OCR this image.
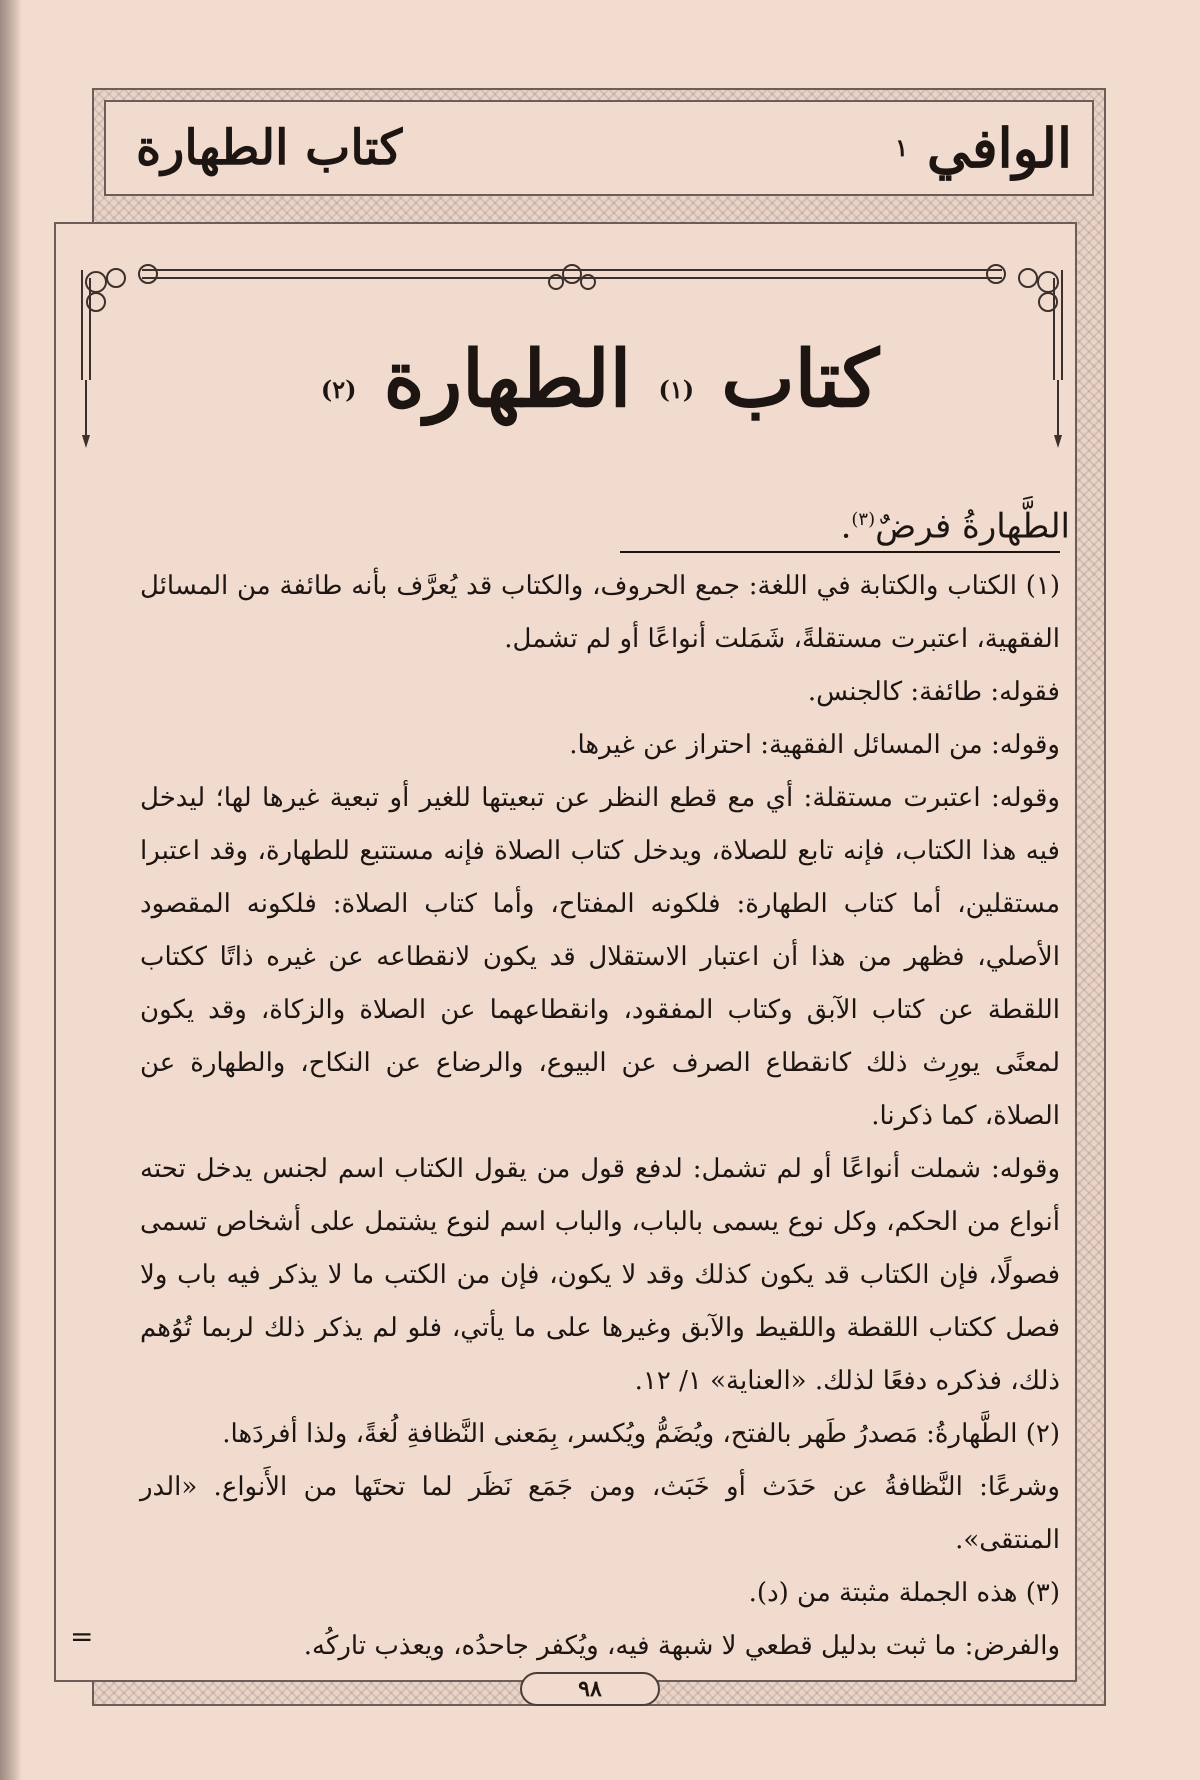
الوافي $^١$
كتاب الطهارة
كتاب $^{(١)}$ الطهارة $^{(٢)}$
الطَّهارةُ فرضٌ$^{(٣)}$.

(١) الكتاب والكتابة في اللغة: جمع الحروف، والكتاب قد يُعرَّف بأنه طائفة من المسائل الفقهية، اعتبرت مستقلةً، شَمَلت أنواعًا أو لم تشمل.

فقوله: طائفة: كالجنس.

وقوله: من المسائل الفقهية: احتراز عن غيرها.

وقوله: اعتبرت مستقلة: أي مع قطع النظر عن تبعيتها للغير أو تبعية غيرها لها؛ ليدخل فيه هذا الكتاب، فإنه تابع للصلاة، ويدخل كتاب الصلاة فإنه مستتبع للطهارة، وقد اعتبرا مستقلين، أما كتاب الطهارة: فلكونه المفتاح، وأما كتاب الصلاة: فلكونه المقصود الأصلي، فظهر من هذا أن اعتبار الاستقلال قد يكون لانقطاعه عن غيره ذاتًا ككتاب اللقطة عن كتاب الآبق وكتاب المفقود، وانقطاعهما عن الصلاة والزكاة، وقد يكون لمعنًى يورِث ذلك كانقطاع الصرف عن البيوع، والرضاع عن النكاح، والطهارة عن الصلاة، كما ذكرنا.

وقوله: شملت أنواعًا أو لم تشمل: لدفع قول من يقول الكتاب اسم لجنس يدخل تحته أنواع من الحكم، وكل نوع يسمى بالباب، والباب اسم لنوع يشتمل على أشخاص تسمى فصولًا، فإن الكتاب قد يكون كذلك وقد لا يكون، فإن من الكتب ما لا يذكر فيه باب ولا فصل ككتاب اللقطة واللقيط والآبق وغيرها على ما يأتي، فلو لم يذكر ذلك لربما تُوُهم ذلك، فذكره دفعًا لذلك. «العناية» ١/ ١٢.

(٢) الطَّهارةُ: مَصدرُ طَهر بالفتح، ويُضَمُّ ويُكسر، بِمَعنى النَّظافةِ لُغةً، ولذا أفردَها.

وشرعًا: النَّظافةُ عن حَدَث أو خَبَث، ومن جَمَع نَظَر لما تحتَها من الأَنواع. «الدر المنتقى».

(٣) هذه الجملة مثبتة من (د).

والفرض: ما ثبت بدليل قطعي لا شبهة فيه، ويُكفر جاحدُه، ويعذب تاركُه.

=
٩٨
